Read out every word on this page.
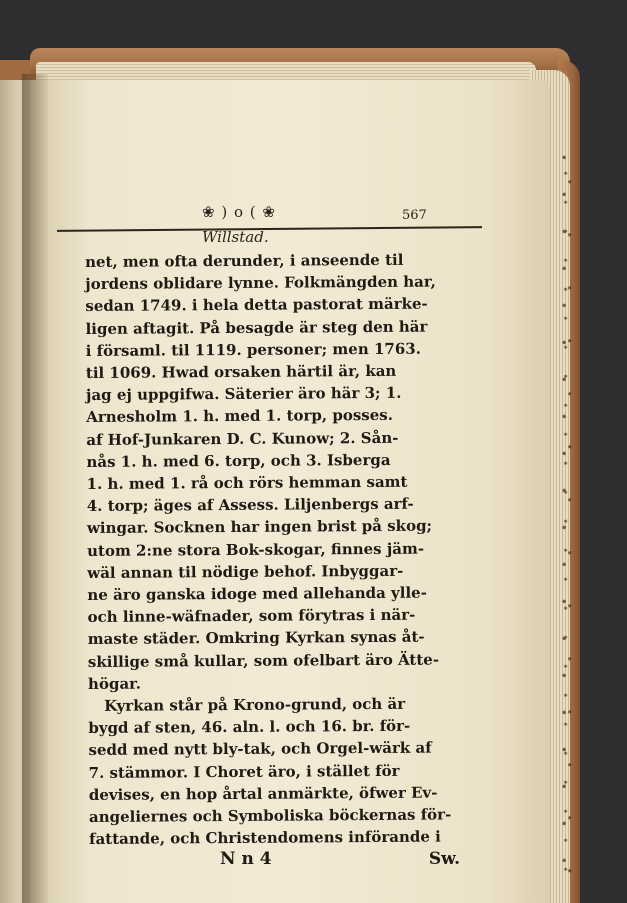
❀ ) o ( ❀	567
Willstad.
net, men ofta derunder, i anseende til
jordens oblidare lynne. Folkmängden har,
sedan 1749. i hela detta pastorat märke-
ligen aftagit. På besagde är steg den här
i församl. til 1119. personer; men 1763.
til 1069. Hwad orsaken härtil är, kan
jag ej uppgifwa. Säterier äro här 3; 1.
Arnesholm 1. h. med 1. torp, posses.
af Hof-Junkaren D. C. Kunow; 2. Sån-
nås 1. h. med 6. torp, och 3. Isberga
1. h. med 1. rå och rörs hemman samt
4. torp; äges af Assess. Liljenbergs arf-
wingar. Socknen har ingen brist på skog;
utom 2:ne stora Bok-skogar, finnes jäm-
wäl annan til nödige behof. Inbyggar-
ne äro ganska idoge med allehanda ylle-
och linne-wäfnader, som förytras i när-
maste städer. Omkring Kyrkan synas åt-
skillige små kullar, som ofelbart äro Ätte-
högar.
Kyrkan står på Krono-grund, och är
bygd af sten, 46. aln. l. och 16. br. för-
sedd med nytt bly-tak, och Orgel-wärk af
7. stämmor. I Choret äro, i stället för
devises, en hop årtal anmärkte, öfwer Ev-
angeliernes och Symboliska böckernas för-
fattande, och Christendomens införande i
N n 4	Sw.
